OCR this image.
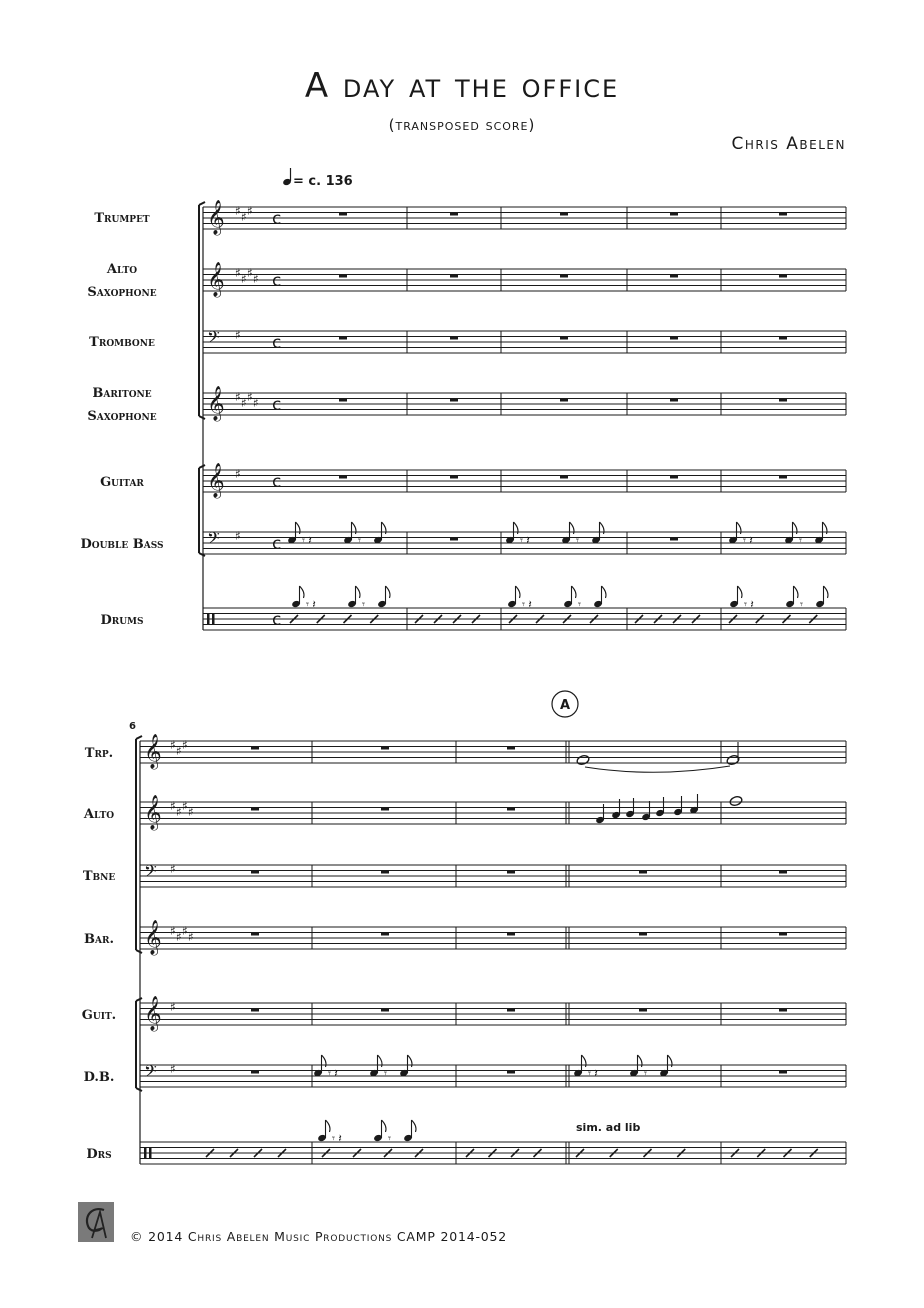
A day at the office
(transposed score)
Chris Abelen
= c. 136
Trumpet
Alto
Saxophone
Trombone
Baritone
Saxophone
Guitar
Double Bass
Drums
Trp.
Alto
Tbne
Bar.
Guit.
D.B.
Drs
6
A
sim. ad lib
𝄞 ♯ ♯ ♯ c
𝄞 ♯ ♯ ♯ ♯ c
𝄢 ♯ c
𝄞 ♯ ♯ ♯ ♯ c
𝄞 ♯ c
𝄢 ♯ c
c
𝄞 ♯ ♯ ♯
𝄞 ♯ ♯ ♯ ♯
𝄢 ♯
𝄞 ♯ ♯ ♯ ♯
𝄞 ♯
𝄢 ♯
𝄾 𝄽	𝄾	𝄾 𝄽	𝄾	𝄾 𝄽	𝄾
𝄾 𝄽	𝄾	𝄾 𝄽	𝄾
𝄾 𝄽	𝄾	𝄾 𝄽	𝄾	𝄾 𝄽	𝄾
𝄾 𝄽	𝄾
© 2014 Chris Abelen Music Productions CAMP 2014-052
